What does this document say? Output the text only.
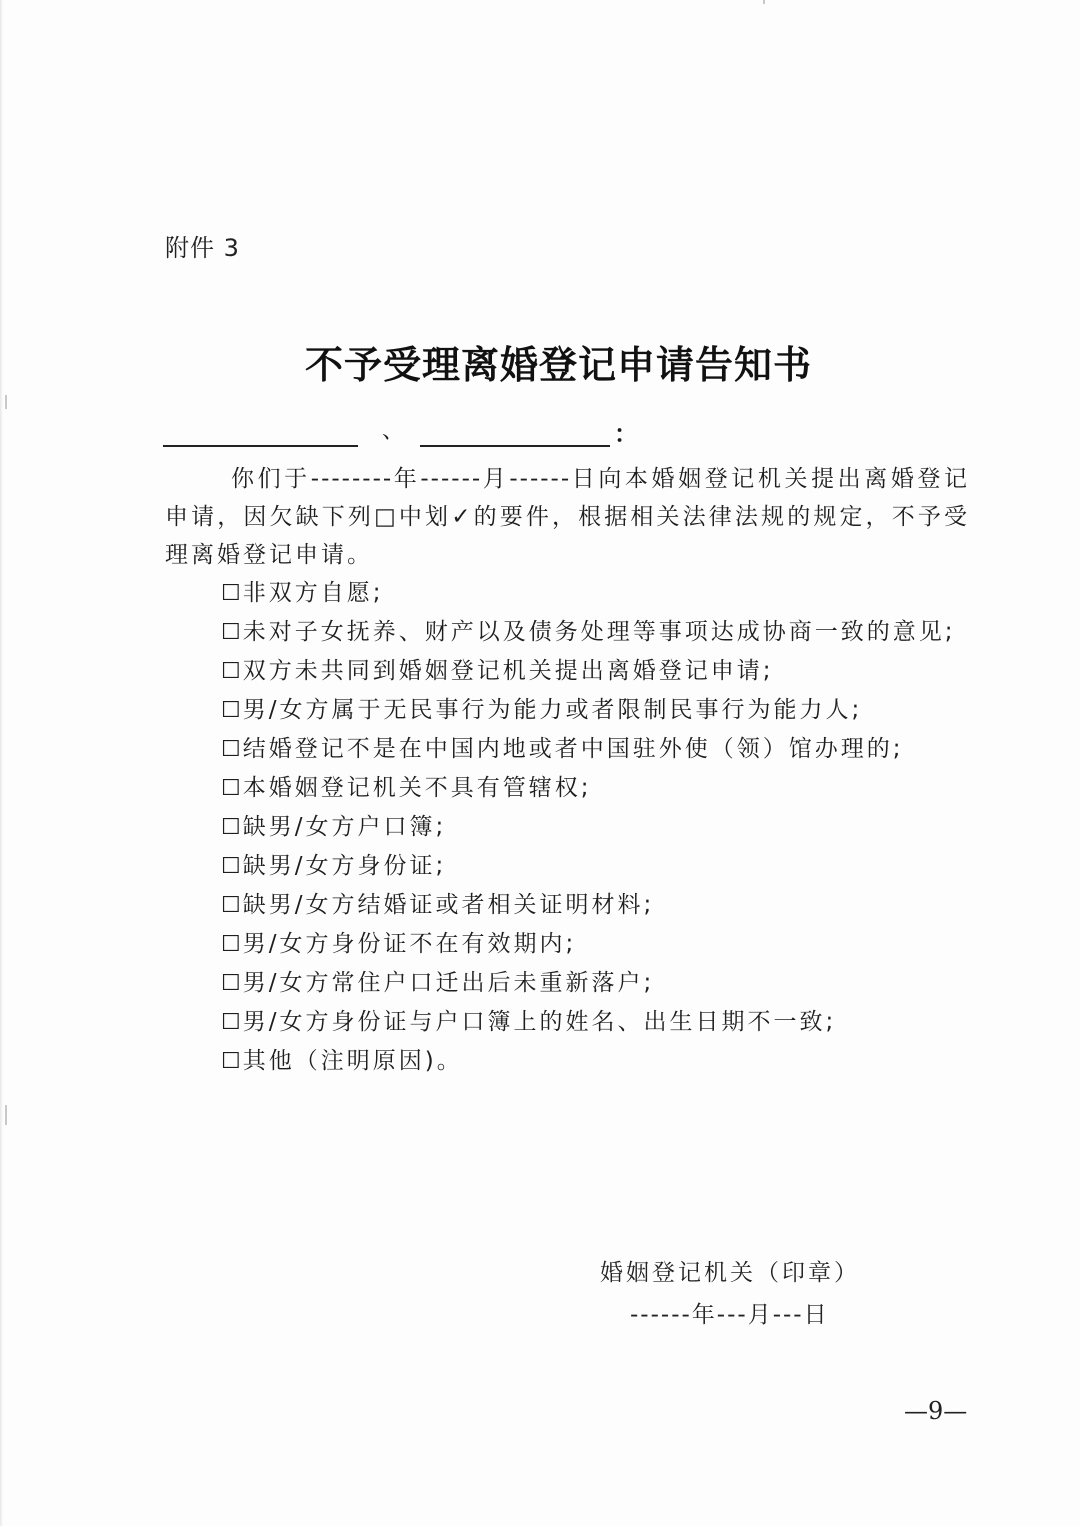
附件 3
不予受理离婚登记申请告知书
、	：

你们于--------年------月------日向本婚姻登记机关提出离婚登记申请，因欠缺下列□中划✓的要件，根据相关法律法规的规定，不予受理离婚登记申请。

☐非双方自愿;

☐未对子女抚养、财产以及债务处理等事项达成协商一致的意见;

☐双方未共同到婚姻登记机关提出离婚登记申请;

☐男/女方属于无民事行为能力或者限制民事行为能力人;

☐结婚登记不是在中国内地或者中国驻外使（领）馆办理的;

☐本婚姻登记机关不具有管辖权;

☐缺男/女方户口簿;

☐缺男/女方身份证;

☐缺男/女方结婚证或者相关证明材料;

☐男/女方身份证不在有效期内;

☐男/女方常住户口迁出后未重新落户;

☐男/女方身份证与户口簿上的姓名、出生日期不一致;

☐其他（注明原因)。

婚姻登记机关（印章）
------年---月---日
—9—
